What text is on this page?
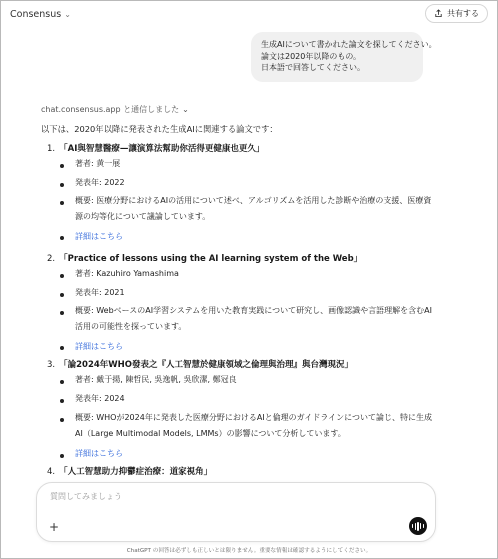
Consensus ⌄	共有する
生成AIについて書かれた論文を探してください。
論文は2020年以降のもの。
日本語で回答してください。
chat.consensus.app と通信しました ⌄
以下は、2020年以降に発表された生成AIに関連する論文です：
1. 「AI與智慧醫療—讓演算法幫助你活得更健康也更久」
著者: 黄一展
発表年: 2022
概要: 医療分野におけるAIの活用について述べ、アルゴリズムを活用した診断や治療の支援、医療資源の均等化について議論しています。
詳細はこちら
2. 「Practice of lessons using the AI learning system of the Web」
著者: Kazuhiro Yamashima
発表年: 2021
概要: WebベースのAI学習システムを用いた教育実践について研究し、画像認識や言語理解を含むAI活用の可能性を探っています。
詳細はこちら
3. 「論2024年WHO發表之『人工智慧於健康領域之倫理與治理』與台灣現況」
著者: 戴于揚, 陳哲民, 吳逸帆, 吳欣潔, 鄭冠良
発表年: 2024
概要: WHOが2024年に発表した医療分野におけるAIと倫理のガイドラインについて論じ、特に生成AI（Large Multimodal Models, LMMs）の影響について分析しています。
詳細はこちら
4. 「人工智慧助力抑鬱症治療：道家視角」
質問してみましょう
+
ChatGPT の回答は必ずしも正しいとは限りません。重要な情報は確認するようにしてください。
